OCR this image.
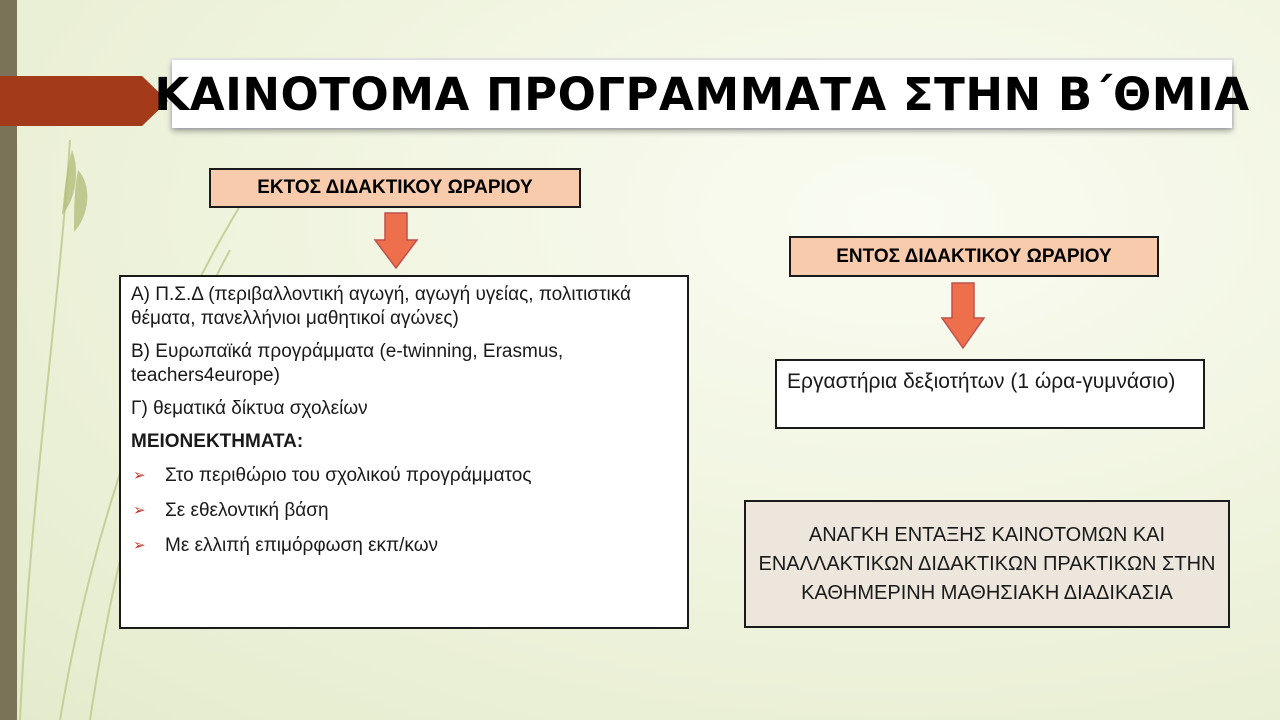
ΚΑΙΝΟΤΟΜΑ ΠΡΟΓΡΑΜΜΑΤΑ ΣΤΗΝ Β΄ΘΜΙΑ
ΕΚΤΟΣ ΔΙΔΑΚΤΙΚΟΥ ΩΡΑΡΙΟΥ

Α) Π.Σ.Δ (περιβαλλοντική αγωγή, αγωγή υγείας, πολιτιστικά θέματα, πανελλήνιοι μαθητικοί αγώνες)

Β) Ευρωπαϊκά προγράμματα (e-twinning, Erasmus, teachers4europe)

Γ) θεματικά δίκτυα σχολείων

ΜΕΙΟΝΕΚΤΗΜΑΤΑ:

➢	Στο περιθώριο του σχολικού προγράμματος
➢	Σε εθελοντική βάση
➢	Με ελλιπή επιμόρφωση εκπ/κων
ΕΝΤΟΣ ΔΙΔΑΚΤΙΚΟΥ ΩΡΑΡΙΟΥ
Εργαστήρια δεξιοτήτων (1 ώρα-γυμνάσιο)
ΑΝΑΓΚΗ ΕΝΤΑΞΗΣ ΚΑΙΝΟΤΟΜΩΝ ΚΑΙ ΕΝΑΛΛΑΚΤΙΚΩΝ ΔΙΔΑΚΤΙΚΩΝ ΠΡΑΚΤΙΚΩΝ ΣΤΗΝ ΚΑΘΗΜΕΡΙΝΗ ΜΑΘΗΣΙΑΚΗ ΔΙΑΔΙΚΑΣΙΑ
